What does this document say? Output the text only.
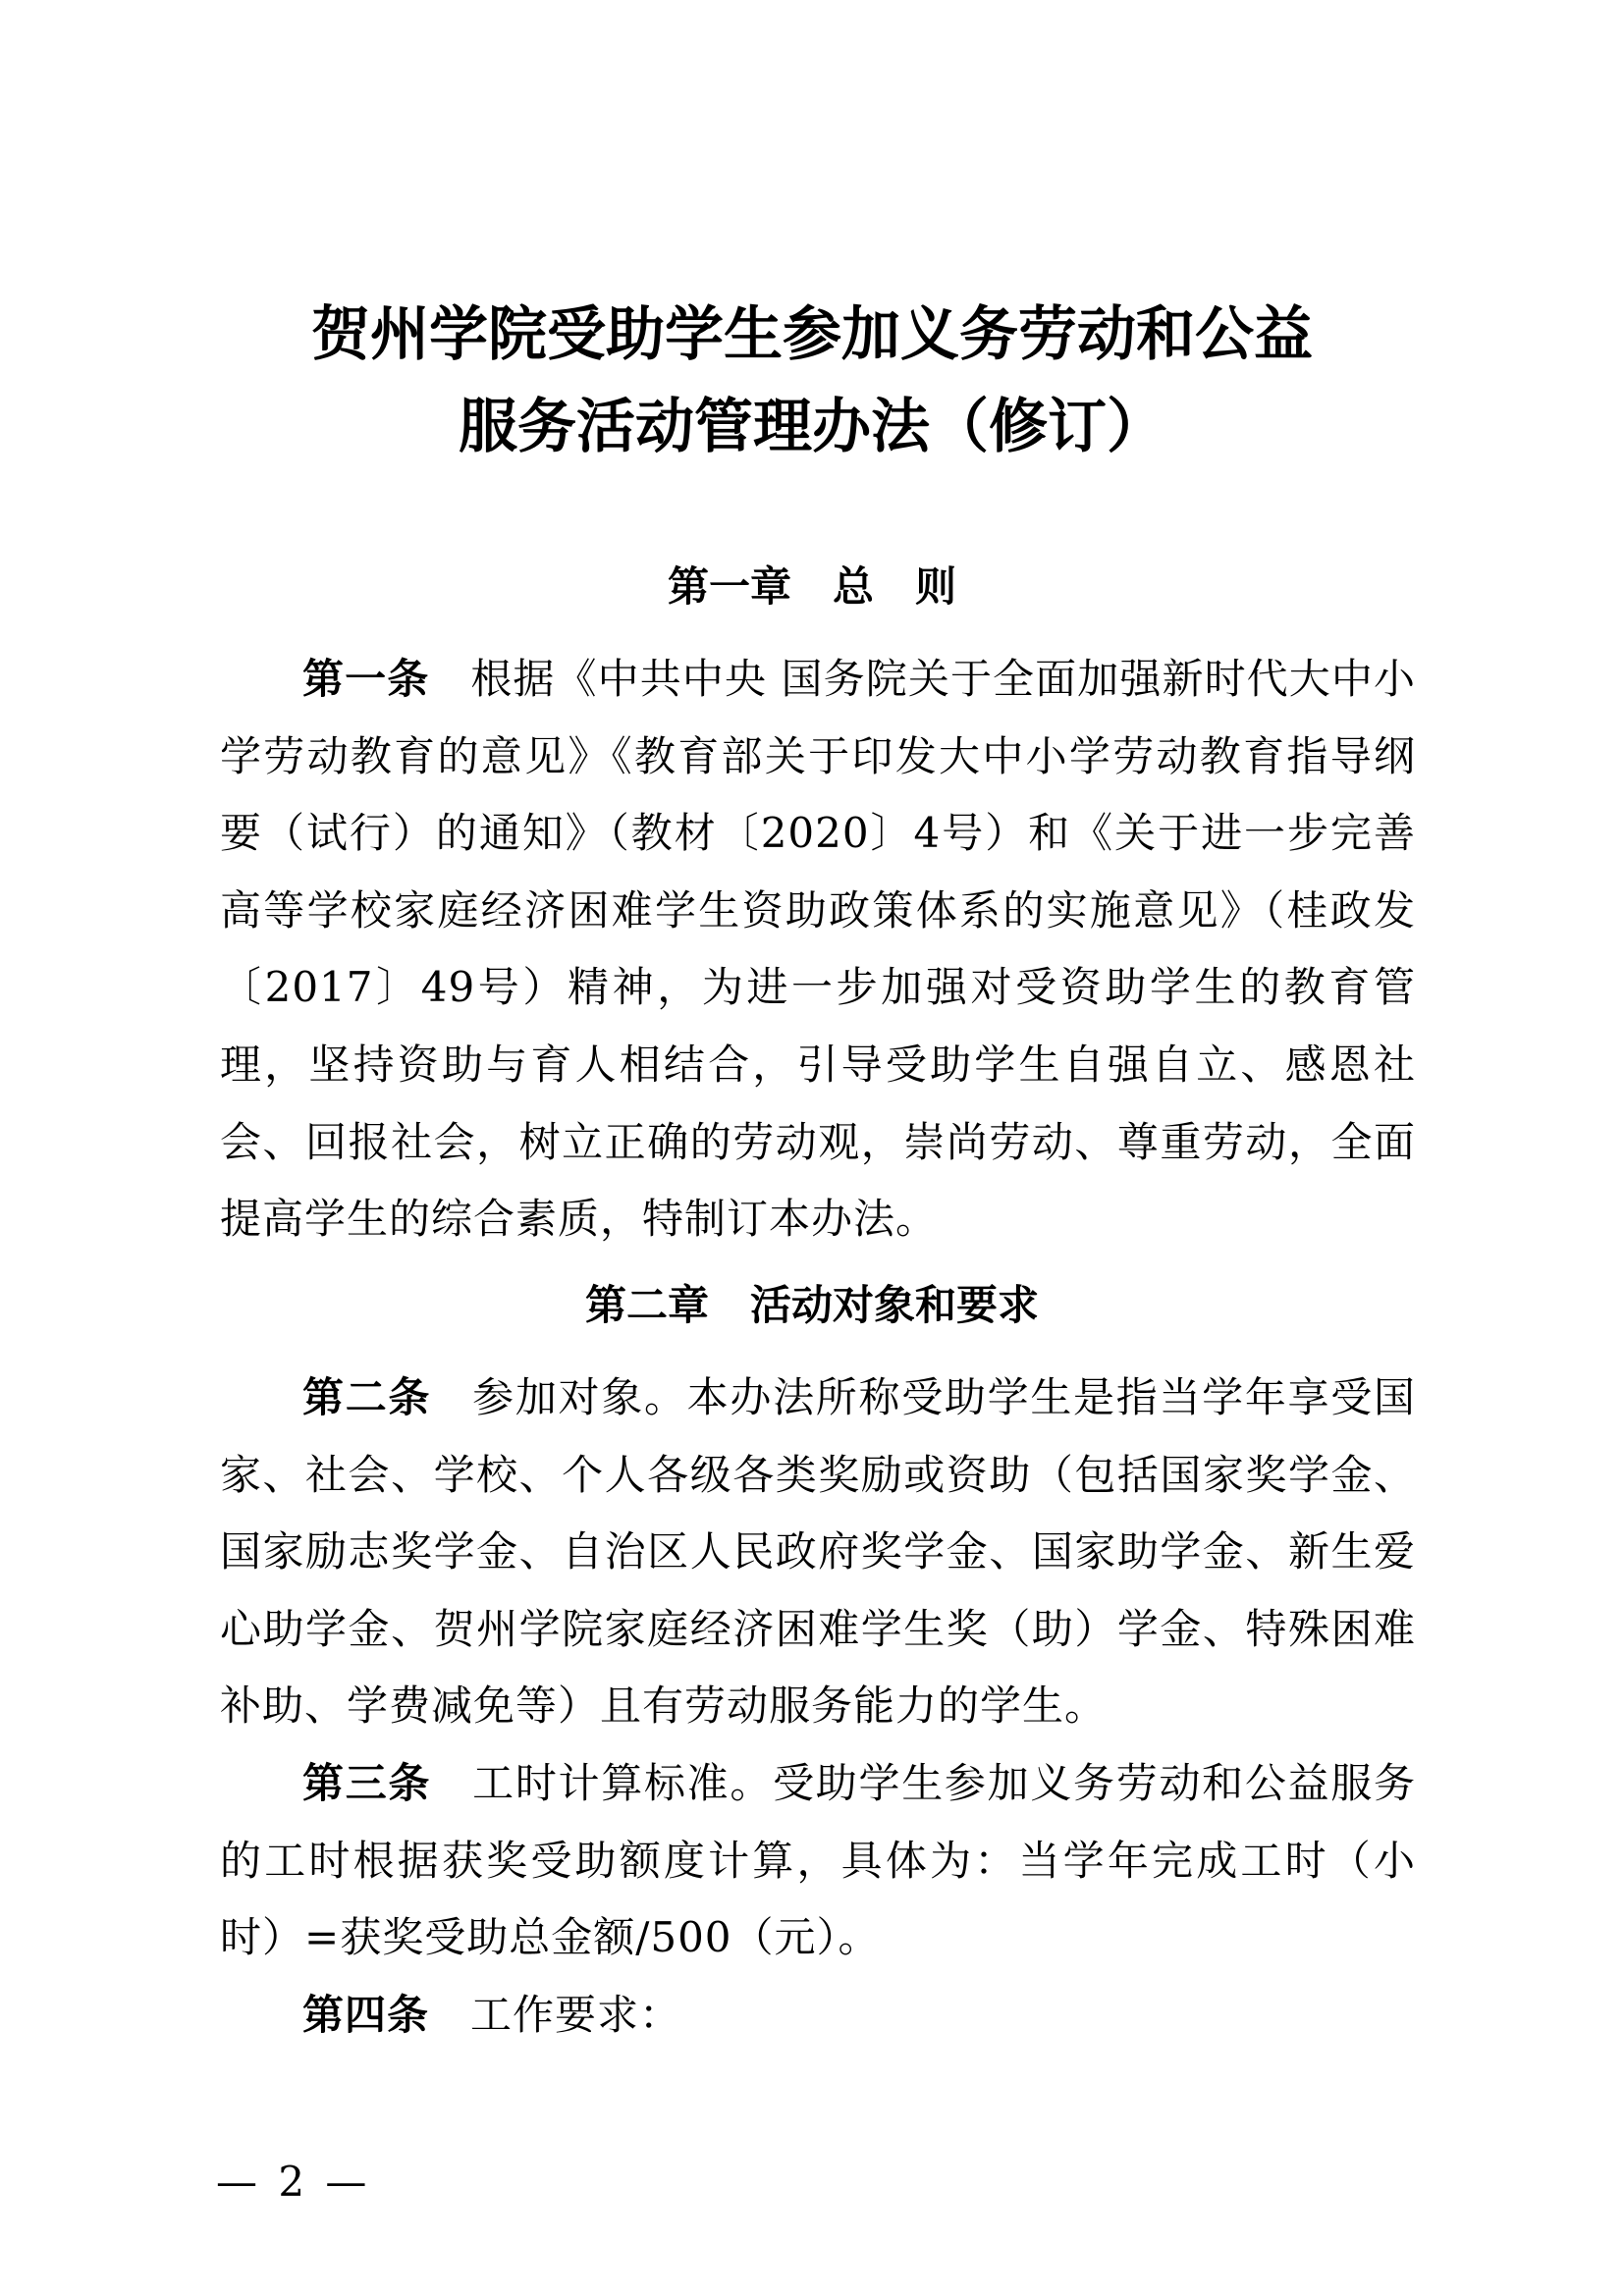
贺州学院受助学生参加义务劳动和公益
服务活动管理办法（修订）
第一章　总　则

第一条 根据《中共中央 国务院关于全面加强新时代大中小学劳动教育的意见》《教育部关于印发大中小学劳动教育指导纲要（试行）的通知》（教材〔2020〕4号）和《关于进一步完善高等学校家庭经济困难学生资助政策体系的实施意见》（桂政发〔2017〕49号）精神，为进一步加强对受资助学生的教育管理，坚持资助与育人相结合，引导受助学生自强自立、感恩社会、回报社会，树立正确的劳动观，崇尚劳动、尊重劳动，全面提高学生的综合素质，特制订本办法。

第二章　活动对象和要求

第二条 参加对象。本办法所称受助学生是指当学年享受国家、社会、学校、个人各级各类奖励或资助（包括国家奖学金、国家励志奖学金、自治区人民政府奖学金、国家助学金、新生爱心助学金、贺州学院家庭经济困难学生奖（助）学金、特殊困难补助、学费减免等）且有劳动服务能力的学生。

第三条 工时计算标准。受助学生参加义务劳动和公益服务的工时根据获奖受助额度计算，具体为：当学年完成工时（小时）=获奖受助总金额/500（元）。

第四条 工作要求：

— 2 —
